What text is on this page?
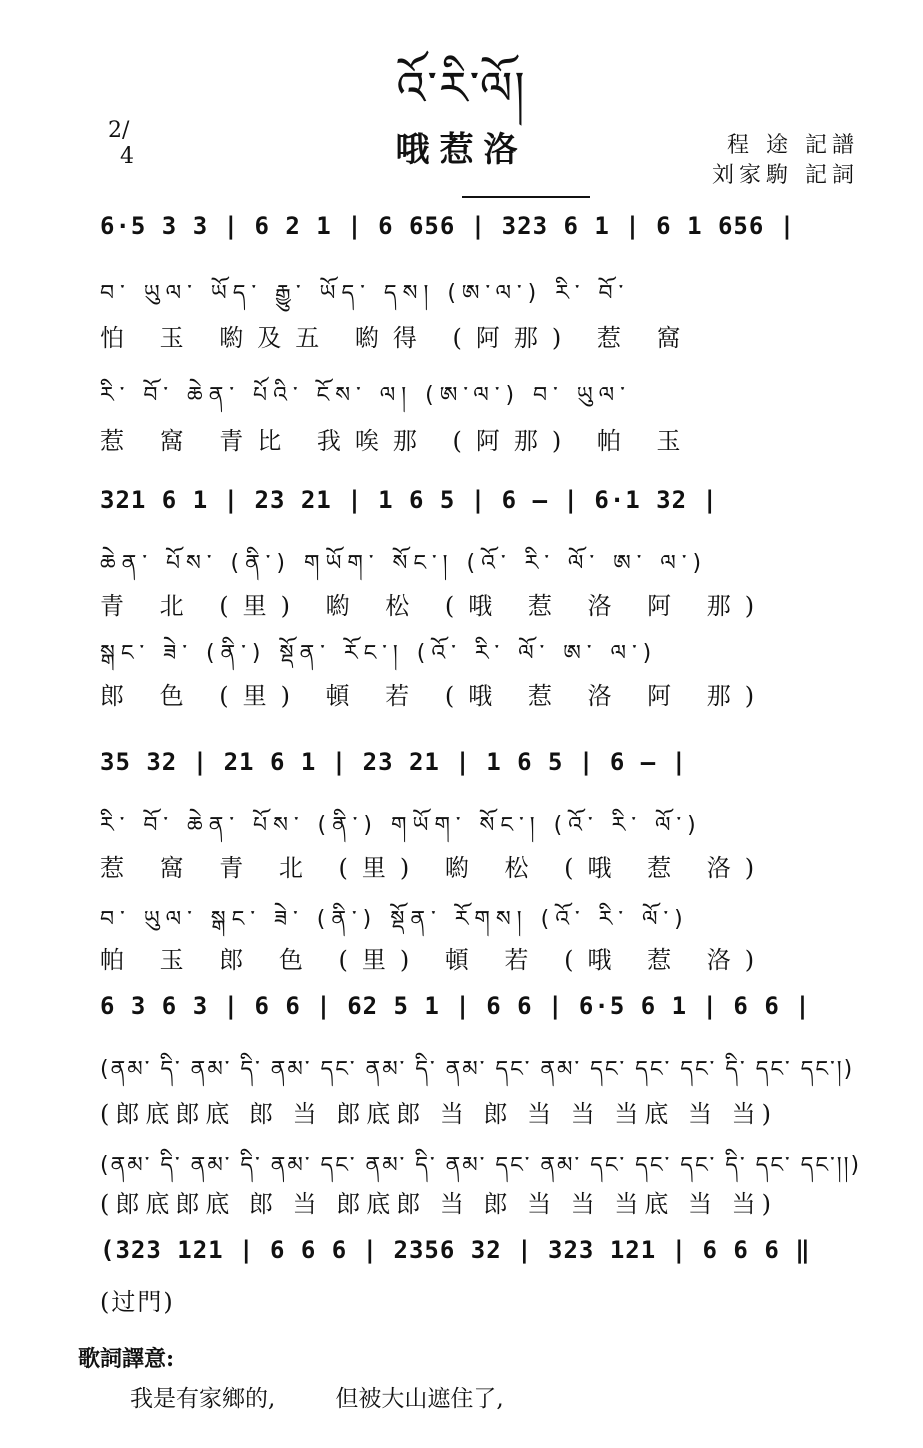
འོ་རི་ལོ།
2/
4	哦惹洛	程 途 記譜
刘家駒 記詞
6·5 3 3 | 6 2 1 | 6 656 | 323 6 1 | 6 1 656 |
བ་ ཡུལ་ ཡོད་ རྒྱུ་ ཡོད་ དས། (ཨ་ལ་) རི་ བོ་
怕 玉 喲及五 喲得 (阿那) 惹 窩
རི་ བོ་ ཆེན་ པོའི་ ངོས་ ལ། (ཨ་ལ་) བ་ ཡུལ་
惹 窩 青比 我唉那 (阿那) 帕 玉
321 6 1 | 23 21 | 1 6 5 | 6 — | 6·1 32 |
ཆེན་ པོས་ (ནི་) གཡོག་ སོང་། (འོ་ རི་ ལོ་ ཨ་ ལ་)
青 北 (里) 喲 松 (哦 惹 洛 阿 那)
སྒང་ ཟེ་ (ནི་) སྡོན་ རོང་། (འོ་ རི་ ལོ་ ཨ་ ལ་)
郎 色 (里) 頓 若 (哦 惹 洛 阿 那)
35 32 | 21 6 1 | 23 21 | 1 6 5 | 6 — |
རི་ བོ་ ཆེན་ པོས་ (ནི་) གཡོག་ སོང་། (འོ་ རི་ ལོ་)
惹 窩 青 北 (里) 喲 松 (哦 惹 洛)
བ་ ཡུལ་ སྒང་ ཟེ་ (ནི་) སྡོན་ རོགས། (འོ་ རི་ ལོ་)
帕 玉 郎 色 (里) 頓 若 (哦 惹 洛)
6 3 6 3 | 6 6 | 62 5 1 | 6 6 | 6·5 6 1 | 6 6 |
(ནམ་ དི་ ནམ་ དི་ ནམ་ དང་ ནམ་ དི་ ནམ་ དང་ ནམ་ དང་ དང་ དང་ དི་ དང་ དང་།)
(郎底郎底 郎 当 郎底郎 当 郎 当 当 当底 当 当)
(ནམ་ དི་ ནམ་ དི་ ནམ་ དང་ ནམ་ དི་ ནམ་ དང་ ནམ་ དང་ དང་ དང་ དི་ དང་ དང་།།)
(郎底郎底 郎 当 郎底郎 当 郎 当 当 当底 当 当)
(323 121 | 6 6 6 | 2356 32 | 323 121 | 6 6 6 ‖
(过門)
歌詞譯意:
我是有家鄉的,	但被大山遮住了,
